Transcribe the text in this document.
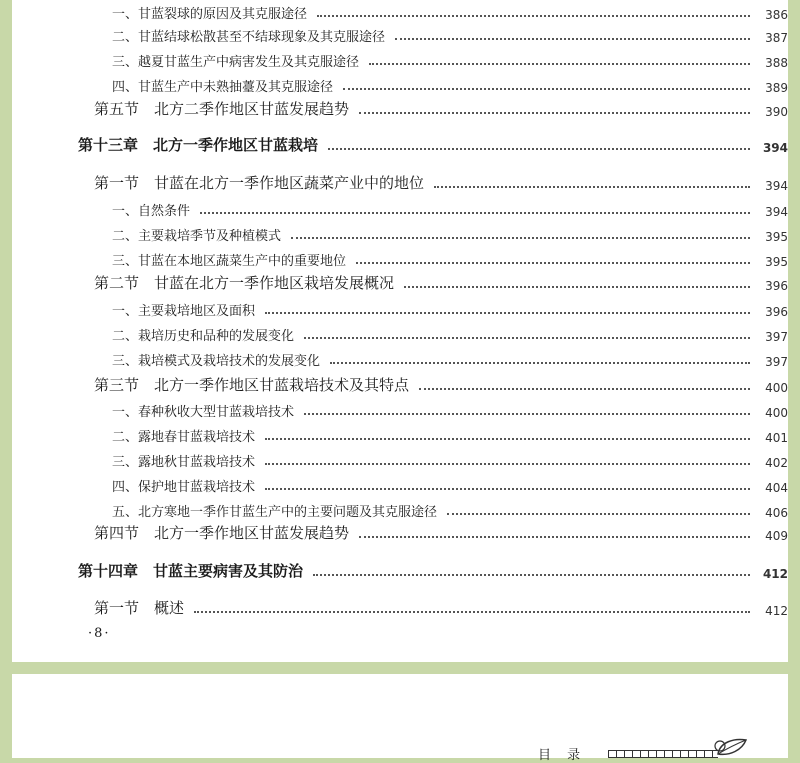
一、甘蓝裂球的原因及其克服途径	386
二、甘蓝结球松散甚至不结球现象及其克服途径	387
三、越夏甘蓝生产中病害发生及其克服途径	388
四、甘蓝生产中未熟抽薹及其克服途径	389
第五节　北方二季作地区甘蓝发展趋势	390
第十三章　北方一季作地区甘蓝栽培	394
第一节　甘蓝在北方一季作地区蔬菜产业中的地位	394
一、自然条件	394
二、主要栽培季节及种植模式	395
三、甘蓝在本地区蔬菜生产中的重要地位	395
第二节　甘蓝在北方一季作地区栽培发展概况	396
一、主要栽培地区及面积	396
二、栽培历史和品种的发展变化	397
三、栽培模式及栽培技术的发展变化	397
第三节　北方一季作地区甘蓝栽培技术及其特点	400
一、春种秋收大型甘蓝栽培技术	400
二、露地春甘蓝栽培技术	401
三、露地秋甘蓝栽培技术	402
四、保护地甘蓝栽培技术	404
五、北方寒地一季作甘蓝生产中的主要问题及其克服途径	406
第四节　北方一季作地区甘蓝发展趋势	409
第十四章　甘蓝主要病害及其防治	412
第一节　概述	412
·8·
目 录
